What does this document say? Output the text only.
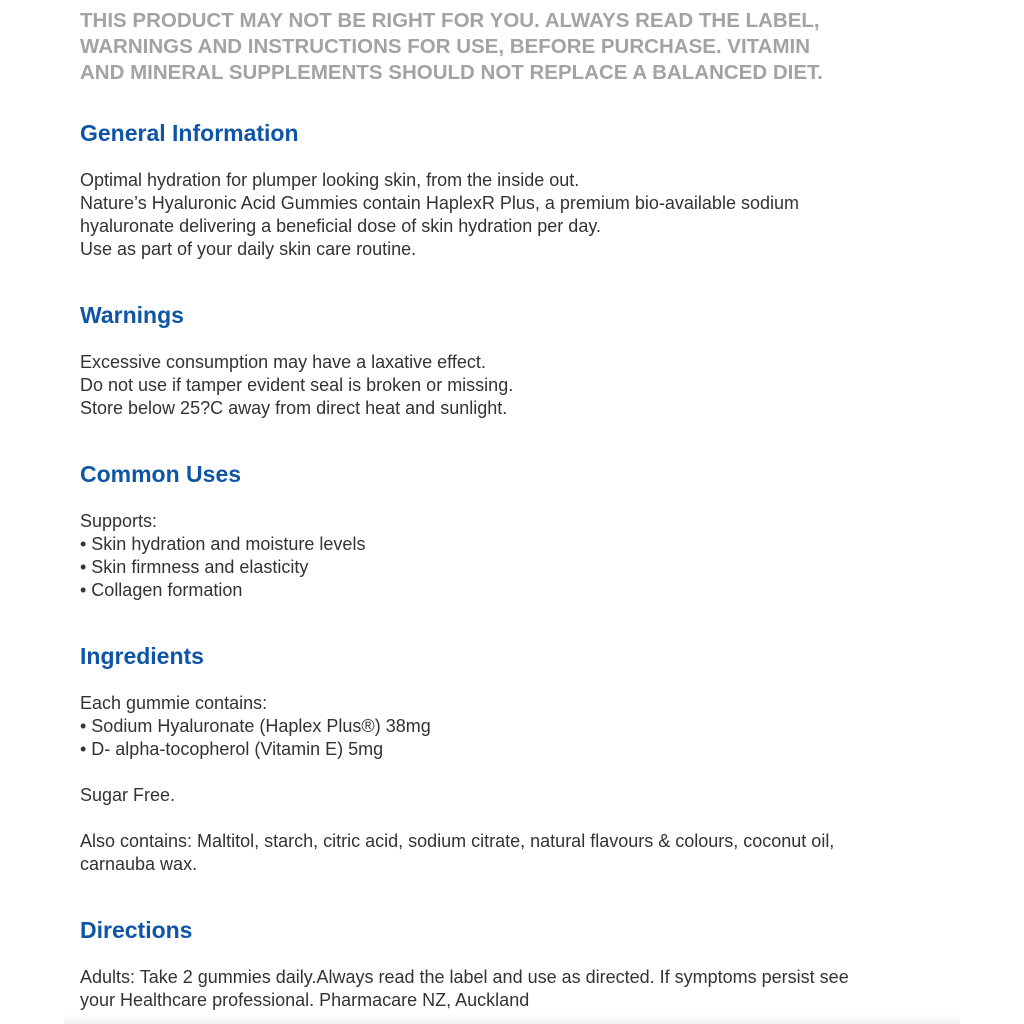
THIS PRODUCT MAY NOT BE RIGHT FOR YOU. ALWAYS READ THE LABEL,
WARNINGS AND INSTRUCTIONS FOR USE, BEFORE PURCHASE. VITAMIN
AND MINERAL SUPPLEMENTS SHOULD NOT REPLACE A BALANCED DIET.

General Information
Optimal hydration for plumper looking skin, from the inside out.
Nature’s Hyaluronic Acid Gummies contain HaplexR Plus, a premium bio-available sodium
hyaluronate delivering a beneficial dose of skin hydration per day.
Use as part of your daily skin care routine.
Warnings
Excessive consumption may have a laxative effect.
Do not use if tamper evident seal is broken or missing.
Store below 25?C away from direct heat and sunlight.
Common Uses
Supports:
• Skin hydration and moisture levels
• Skin firmness and elasticity
• Collagen formation
Ingredients
Each gummie contains:
• Sodium Hyaluronate (Haplex Plus®) 38mg
• D- alpha-tocopherol (Vitamin E) 5mg
Sugar Free.
Also contains: Maltitol, starch, citric acid, sodium citrate, natural flavours & colours, coconut oil,
carnauba wax.
Directions
Adults: Take 2 gummies daily.Always read the label and use as directed. If symptoms persist see
your Healthcare professional. Pharmacare NZ, Auckland
